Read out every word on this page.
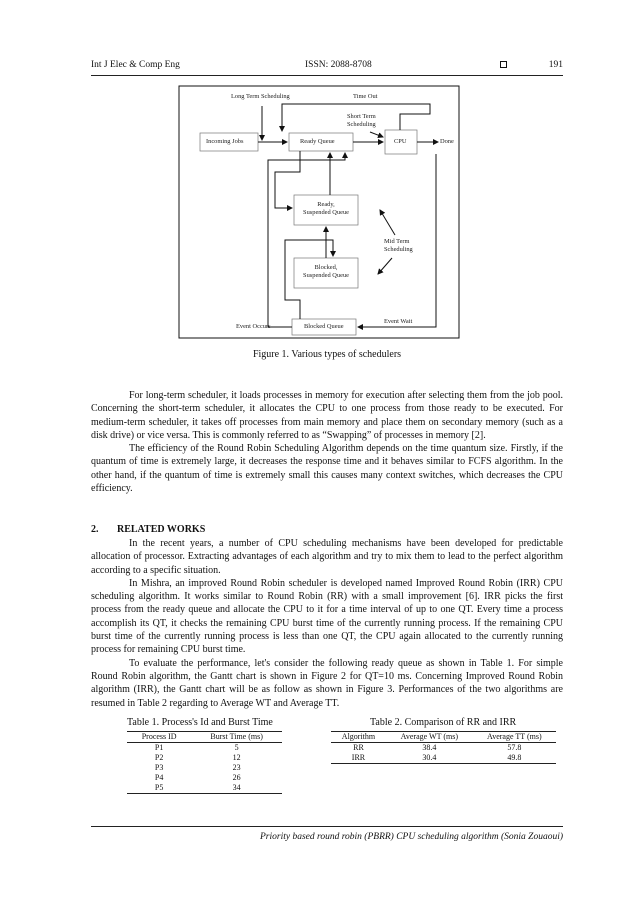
Int J Elec & Comp Eng	ISSN: 2088-8708	191
Long Term Scheduling	Time Out
Short Term Scheduling
Incoming Jobs	Ready Queue	CPU	Done
Ready,
Suspended Queue
Mid Term
Scheduling
Blocked,
Suspended Queue
Event Occurs	Blocked Queue
Event Wait
Figure 1. Various types of schedulers

For long-term scheduler, it loads processes in memory for execution after selecting them from the job pool. Concerning the short-term scheduler, it allocates the CPU to one process from those ready to be executed. For medium-term scheduler, it takes off processes from main memory and place them on secondary memory (such as a disk drive) or vice versa. This is commonly referred to as “Swapping” of processes in memory [2].

The efficiency of the Round Robin Scheduling Algorithm depends on the time quantum size. Firstly, if the quantum of time is extremely large, it decreases the response time and it behaves similar to FCFS algorithm. In the other hand, if the quantum of time is extremely small this causes many context switches, which decreases the CPU efficiency.

2. RELATED WORKS

In the recent years, a number of CPU scheduling mechanisms have been developed for predictable allocation of processor. Extracting advantages of each algorithm and try to mix them to lead to the perfect algorithm according to a specific situation.

In Mishra, an improved Round Robin scheduler is developed named Improved Round Robin (IRR) CPU scheduling algorithm. It works similar to Round Robin (RR) with a small improvement [6]. IRR picks the first process from the ready queue and allocate the CPU to it for a time interval of up to one QT. Every time a process accomplish its QT, it checks the remaining CPU burst time of the currently running process. If the remaining CPU burst time of the currently running process is less than one QT, the CPU again allocated to the currently running process for remaining CPU burst time.

To evaluate the performance, let's consider the following ready queue as shown in Table 1. For simple Round Robin algorithm, the Gantt chart is shown in Figure 2 for QT=10 ms. Concerning Improved Round Robin algorithm (IRR), the Gantt chart will be as follow as shown in Figure 3. Performances of the two algorithms are resumed in Table 2 regarding to Average WT and Average TT.

Table 1. Process's Id and Burst Time
Process ID	Burst Time (ms)
P1	5
P2	12
P3	23
P4	26
P5	34
Table 2. Comparison of RR and IRR
Algorithm	Average WT (ms)	Average TT (ms)
RR	38.4	57.8
IRR	30.4	49.8
Priority based round robin (PBRR) CPU scheduling algorithm (Sonia Zouaoui)
